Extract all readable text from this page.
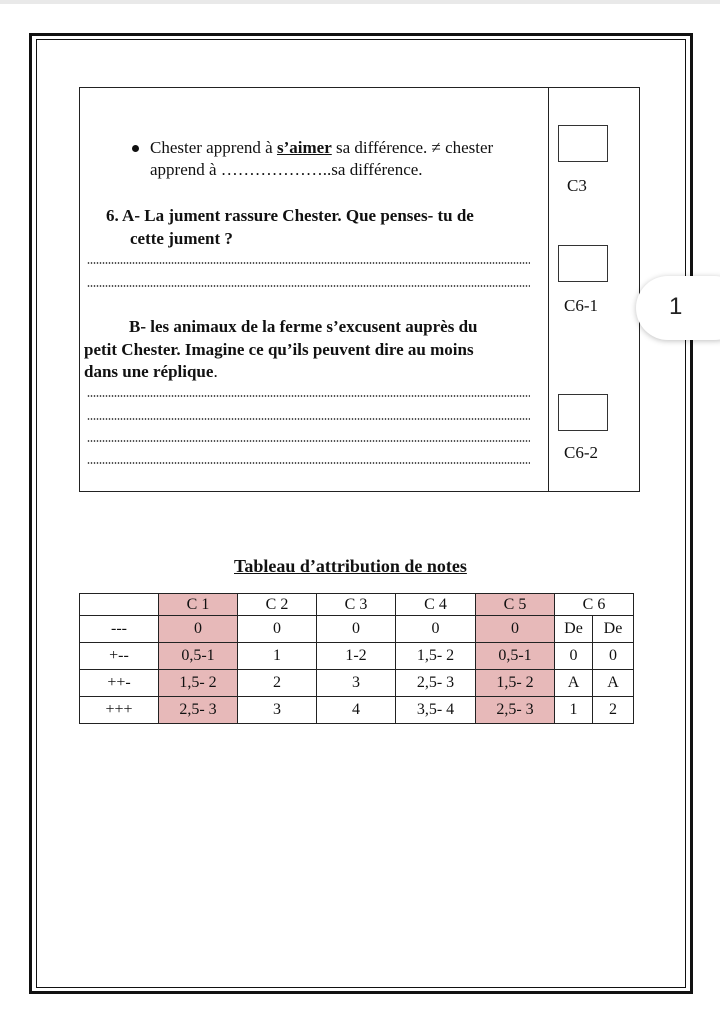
Chester apprend à s’aimer sa différence. ≠ chester
apprend à ………………..sa différence.
6. A- La jument rassure Chester. Que penses- tu de
cette jument ?
B- les animaux de la ferme s’excusent auprès du
petit Chester. Imagine ce qu’ils peuvent dire au moins
dans une réplique.
C3
C6-1
C6-2
1
Tableau d’attribution de notes
	C 1	C 2	C 3	C 4	C 5	C 6	
---	0	0	0	0	0	De	De
+--	0,5-1	1	1-2	1,5- 2	0,5-1	0	0
++-	1,5- 2	2	3	2,5- 3	1,5- 2	A	A
+++	2,5- 3	3	4	3,5- 4	2,5- 3	1	2
